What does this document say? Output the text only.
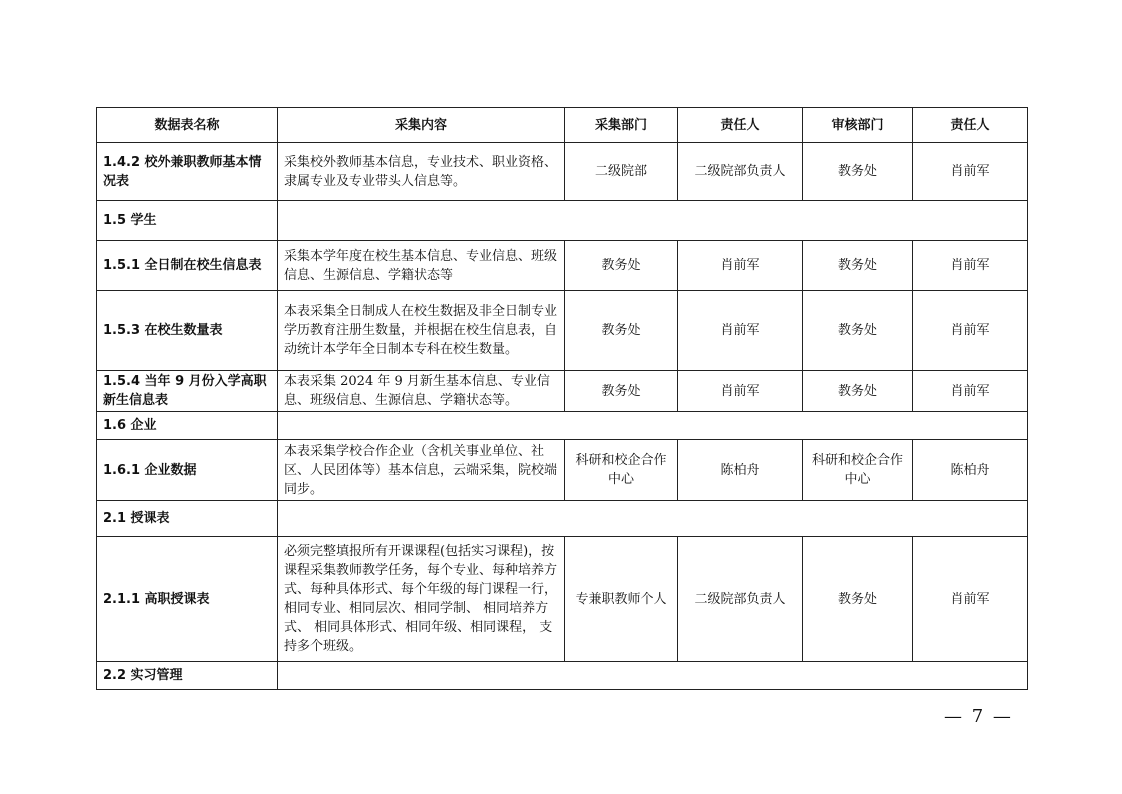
数据表名称	采集内容	采集部门	责任人	审核部门	责任人
1.4.2 校外兼职教师基本情况表	采集校外教师基本信息，专业技术、职业资格、隶属专业及专业带头人信息等。	二级院部	二级院部负责人	教务处	肖前军
1.5 学生					
1.5.1 全日制在校生信息表	采集本学年度在校生基本信息、专业信息、班级信息、生源信息、学籍状态等	教务处	肖前军	教务处	肖前军
1.5.3 在校生数量表	本表采集全日制成人在校生数据及非全日制专业学历教育注册生数量，并根据在校生信息表，自动统计本学年全日制本专科在校生数量。	教务处	肖前军	教务处	肖前军
1.5.4 当年 9 月份入学高职新生信息表	本表采集 2024 年 9 月新生基本信息、专业信息、班级信息、生源信息、学籍状态等。	教务处	肖前军	教务处	肖前军
1.6 企业					
1.6.1 企业数据	本表采集学校合作企业（含机关事业单位、社区、人民团体等）基本信息，云端采集，院校端同步。	科研和校企合作中心	陈柏舟	科研和校企合作中心	陈柏舟
2.1 授课表					
2.1.1 高职授课表	必须完整填报所有开课课程(包括实习课程)，按课程采集教师教学任务，每个专业、每种培养方式、每种具体形式、每个年级的每门课程一行，相同专业、相同层次、相同学制、 相同培养方式、 相同具体形式、相同年级、相同课程， 支持多个班级。	专兼职教师个人	二级院部负责人	教务处	肖前军
2.2 实习管理					
— 7 —
